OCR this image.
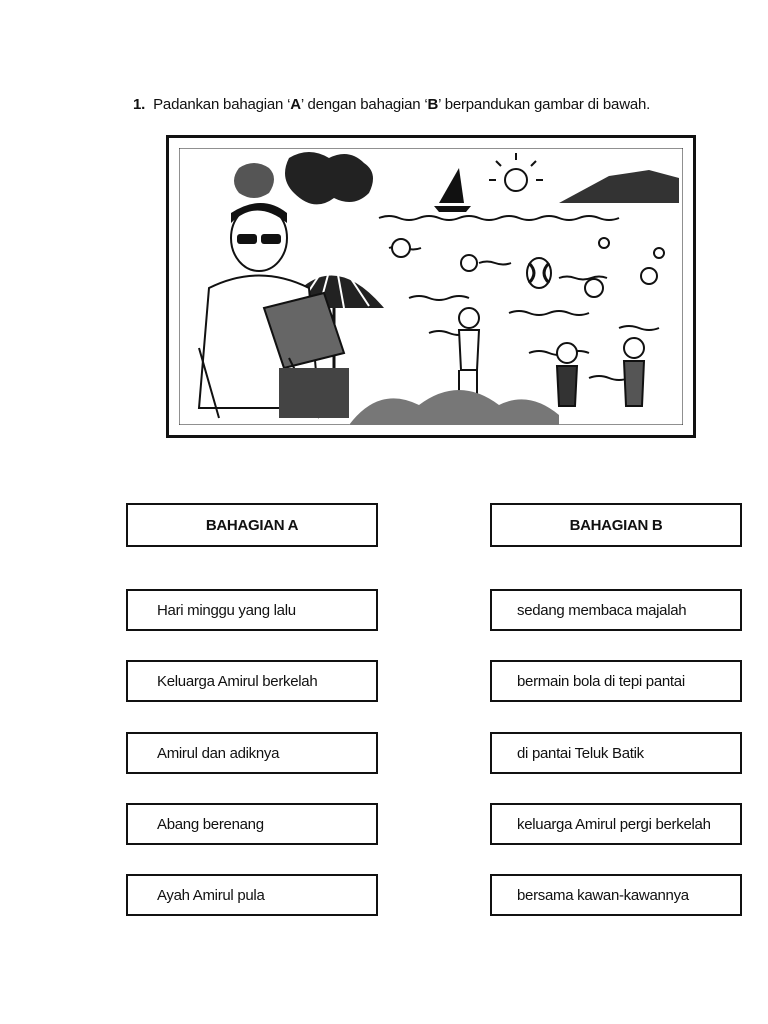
1. Padankan bahagian ‘A’ dengan bahagian ‘B’ berpandukan gambar di bawah.
BAHAGIAN A	BAHAGIAN B
Hari minggu yang lalu
Keluarga Amirul berkelah
Amirul dan adiknya
Abang berenang
Ayah Amirul pula
sedang membaca majalah
bermain bola di tepi pantai
di pantai Teluk Batik
keluarga Amirul pergi berkelah
bersama kawan-kawannya
